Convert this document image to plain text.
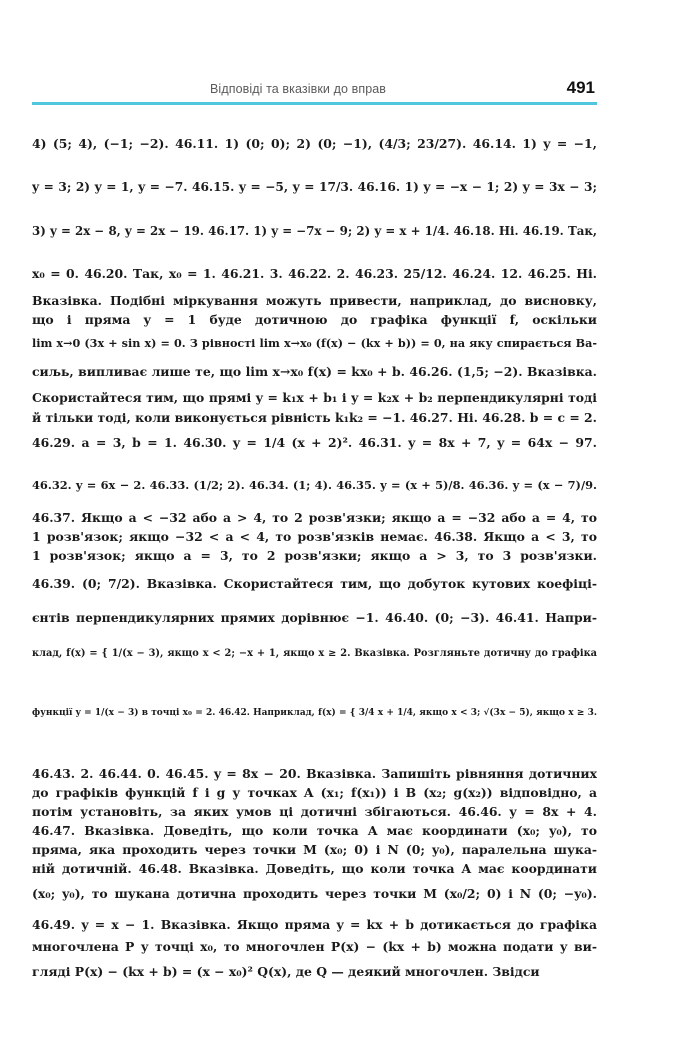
Відповіді та вказівки до вправ	491
4) (5; 4), (−1; −2). 46.11. 1) (0; 0); 2) (0; −1), (4/3; 23/27). 46.14. 1) y = −1,
y = 3; 2) y = 1, y = −7. 46.15. y = −5, y = 17/3. 46.16. 1) y = −x − 1; 2) y = 3x − 3;
3) y = 2x − 8, y = 2x − 19. 46.17. 1) y = −7x − 9; 2) y = x + 1/4. 46.18. Ні. 46.19. Так,
x₀ = 0. 46.20. Так, x₀ = 1. 46.21. 3. 46.22. 2. 46.23. 25/12. 46.24. 12. 46.25. Ні.
Вказівка. Подібні міркування можуть привести, наприклад, до висновку,
що і пряма y = 1 буде дотичною до графіка функції f, оскільки
lim x→0 (3x + sin x) = 0. З рівності lim x→x₀ (f(x) − (kx + b)) = 0, на яку спирається Ва-
сиљь, випливає лише те, що lim x→x₀ f(x) = kx₀ + b. 46.26. (1,5; −2). Вказівка.
Скористайтеся тим, що прямі y = k₁x + b₁ і y = k₂x + b₂ перпендикулярні тоді
й тільки тоді, коли виконується рівність k₁k₂ = −1. 46.27. Ні. 46.28. b = c = 2.
46.29. a = 3, b = 1. 46.30. y = 1/4 (x + 2)². 46.31. y = 8x + 7, y = 64x − 97.
46.32. y = 6x − 2. 46.33. (1/2; 2). 46.34. (1; 4). 46.35. y = (x + 5)/8. 46.36. y = (x − 7)/9.
46.37. Якщо a < −32 або a > 4, то 2 розв'язки; якщо a = −32 або a = 4, то
1 розв'язок; якщо −32 < a < 4, то розв'язків немає. 46.38. Якщо a < 3, то
1 розв'язок; якщо a = 3, то 2 розв'язки; якщо a > 3, то 3 розв'язки.
46.39. (0; 7/2). Вказівка. Скористайтеся тим, що добуток кутових коефіці-
єнтів перпендикулярних прямих дорівнює −1. 46.40. (0; −3). 46.41. Напри-
клад, f(x) = { 1/(x − 3), якщо x < 2; −x + 1, якщо x ≥ 2. Вказівка. Розгляньте дотичну до графіка
функції y = 1/(x − 3) в точці x₀ = 2. 46.42. Наприклад, f(x) = { 3/4 x + 1/4, якщо x < 3; √(3x − 5), якщо x ≥ 3.
46.43. 2. 46.44. 0. 46.45. y = 8x − 20. Вказівка. Запишіть рівняння дотичних
до графіків функцій f і g у точках A (x₁; f(x₁)) і B (x₂; g(x₂)) відповідно, а
потім установіть, за яких умов ці дотичні збігаються. 46.46. y = 8x + 4.
46.47. Вказівка. Доведіть, що коли точка A має координати (x₀; y₀), то
пряма, яка проходить через точки M (x₀; 0) і N (0; y₀), паралельна шука-
ній дотичній. 46.48. Вказівка. Доведіть, що коли точка A має координати
(x₀; y₀), то шукана дотична проходить через точки M (x₀/2; 0) і N (0; −y₀).
46.49. y = x − 1. Вказівка. Якщо пряма y = kx + b дотикається до графіка
многочлена P у точці x₀, то многочлен P(x) − (kx + b) можна подати у ви-
гляді P(x) − (kx + b) = (x − x₀)² Q(x), де Q — деякий многочлен. Звідси
